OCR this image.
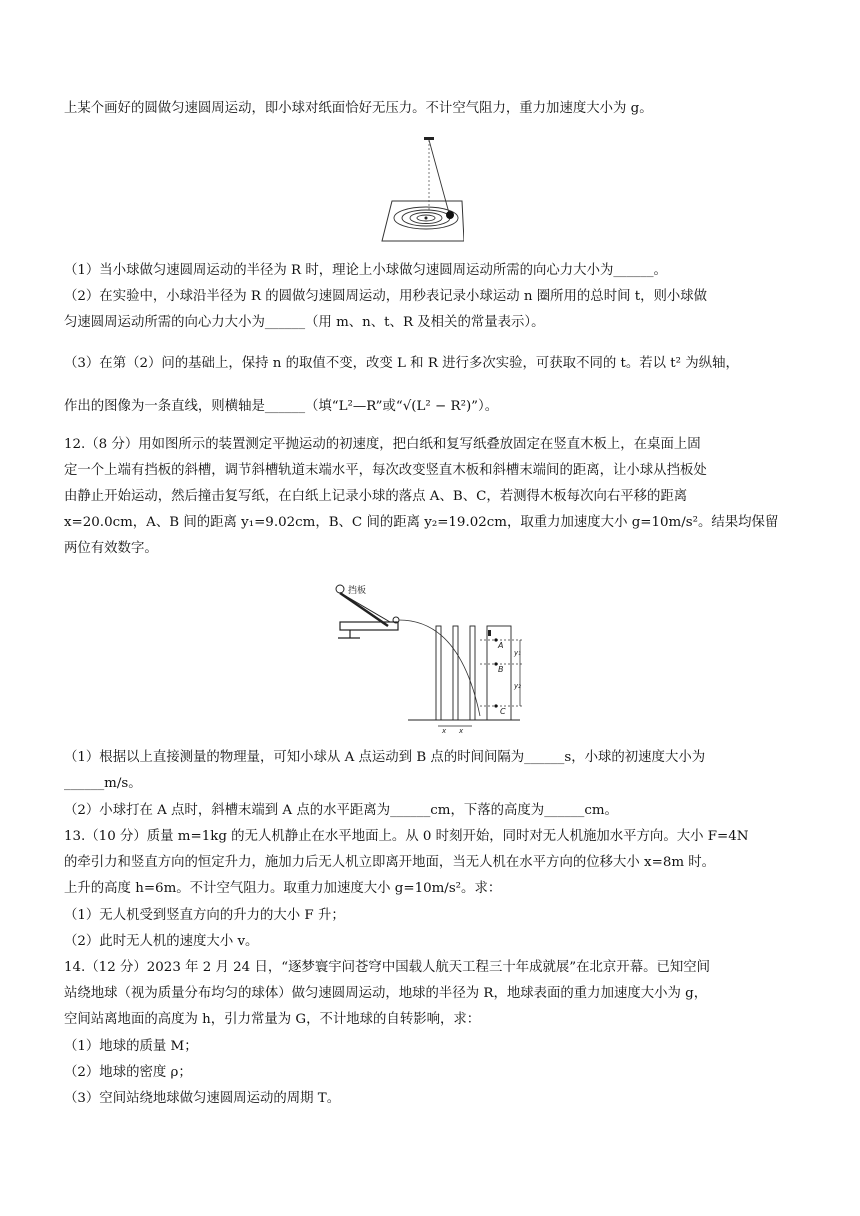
上某个画好的圆做匀速圆周运动，即小球对纸面恰好无压力。不计空气阻力，重力加速度大小为 g。
（1）当小球做匀速圆周运动的半径为 R 时，理论上小球做匀速圆周运动所需的向心力大小为______。
（2）在实验中，小球沿半径为 R 的圆做匀速圆周运动，用秒表记录小球运动 n 圈所用的总时间 t，则小球做
匀速圆周运动所需的向心力大小为______（用 m、n、t、R 及相关的常量表示）。
（3）在第（2）问的基础上，保持 n 的取值不变，改变 L 和 R 进行多次实验，可获取不同的 t。若以 t² 为纵轴，
作出的图像为一条直线，则横轴是______（填“L²—R”或“√(L² − R²)”）。
12.（8 分）用如图所示的装置测定平抛运动的初速度，把白纸和复写纸叠放固定在竖直木板上，在桌面上固
定一个上端有挡板的斜槽，调节斜槽轨道末端水平，每次改变竖直木板和斜槽末端间的距离，让小球从挡板处
由静止开始运动，然后撞击复写纸，在白纸上记录小球的落点 A、B、C，若测得木板每次向右平移的距离
x=20.0cm，A、B 间的距离 y₁=9.02cm，B、C 间的距离 y₂=19.02cm，取重力加速度大小 g=10m/s²。结果均保留
两位有效数字。
挡板
A
B
C
y₁
y₂
x x
（1）根据以上直接测量的物理量，可知小球从 A 点运动到 B 点的时间间隔为______s，小球的初速度大小为
______m/s。
（2）小球打在 A 点时，斜槽末端到 A 点的水平距离为______cm，下落的高度为______cm。
13.（10 分）质量 m=1kg 的无人机静止在水平地面上。从 0 时刻开始，同时对无人机施加水平方向。大小 F=4N
的牵引力和竖直方向的恒定升力，施加力后无人机立即离开地面，当无人机在水平方向的位移大小 x=8m 时。
上升的高度 h=6m。不计空气阻力。取重力加速度大小 g=10m/s²。求：
（1）无人机受到竖直方向的升力的大小 F 升；
（2）此时无人机的速度大小 v。
14.（12 分）2023 年 2 月 24 日，“逐梦寰宇问苍穹中国载人航天工程三十年成就展”在北京开幕。已知空间
站绕地球（视为质量分布均匀的球体）做匀速圆周运动，地球的半径为 R，地球表面的重力加速度大小为 g，
空间站离地面的高度为 h，引力常量为 G，不计地球的自转影响，求：
（1）地球的质量 M；
（2）地球的密度 ρ；
（3）空间站绕地球做匀速圆周运动的周期 T。
